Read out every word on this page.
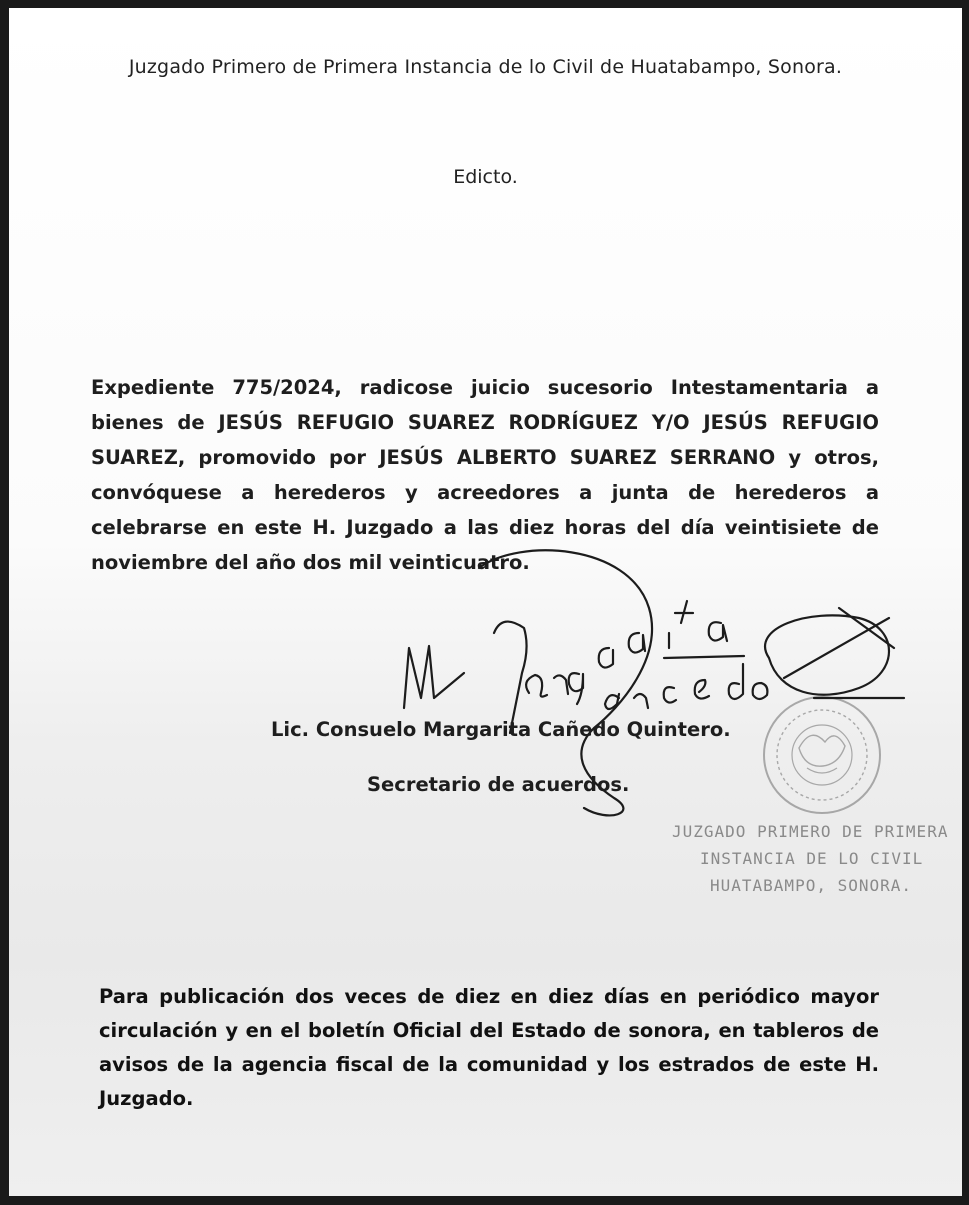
Juzgado Primero de Primera Instancia de lo Civil de Huatabampo, Sonora.
Edicto.
Expediente 775/2024, radicose juicio sucesorio Intestamentaria a bienes de JESÚS REFUGIO SUAREZ RODRÍGUEZ Y/O JESÚS REFUGIO SUAREZ, promovido por JESÚS ALBERTO SUAREZ SERRANO y otros, convóquese a herederos y acreedores a junta de herederos a celebrarse en este H. Juzgado a las diez horas del día veintisiete de noviembre del año dos mil veinticuatro.
Lic. Consuelo Margarita Cañedo Quintero.
Secretario de acuerdos.
JUZGADO PRIMERO DE PRIMERA
INSTANCIA DE LO CIVIL
HUATABAMPO, SONORA.
Para publicación dos veces de diez en diez días en periódico mayor circulación y en el boletín Oficial del Estado de sonora, en tableros de avisos de la agencia fiscal de la comunidad y los estrados de este H. Juzgado.
